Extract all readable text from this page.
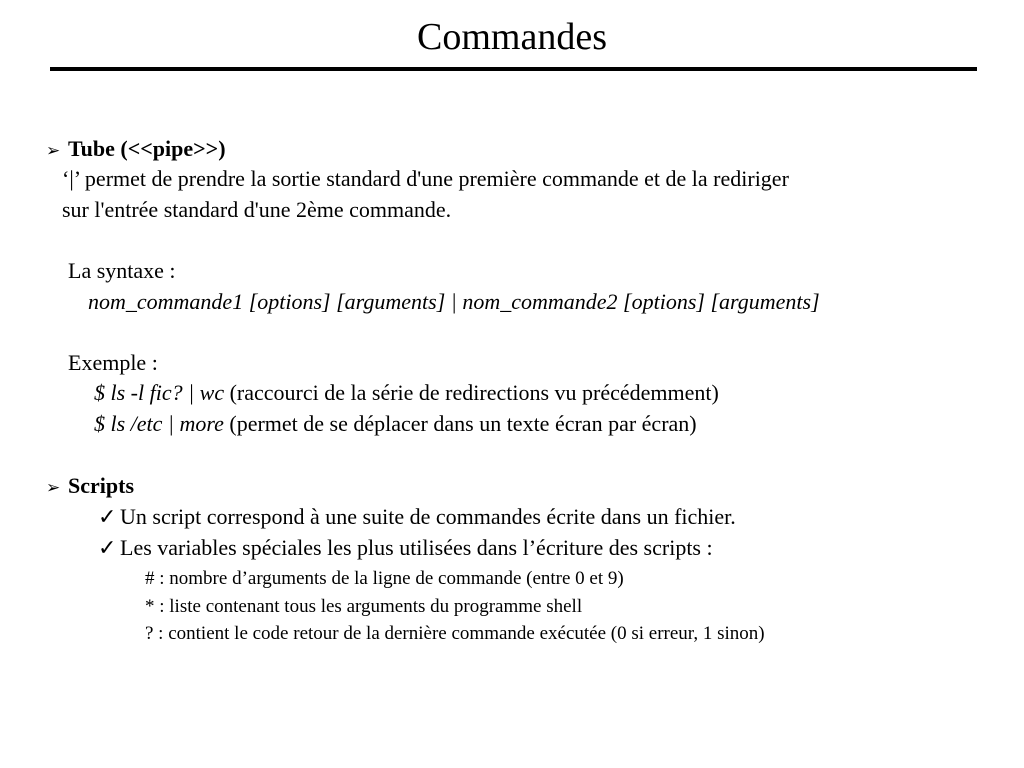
Commandes
➢ Tube (<<pipe>>)
‘|’ permet de prendre la sortie standard d'une première commande et de la rediriger
sur l'entrée standard d'une 2ème commande.
La syntaxe :
nom_commande1 [options] [arguments] | nom_commande2 [options] [arguments]
Exemple :
$ ls -l fic? | wc (raccourci de la série de redirections vu précédemment)
$ ls /etc | more (permet de se déplacer dans un texte écran par écran)
➢ Scripts
✓ Un script correspond à une suite de commandes écrite dans un fichier.
✓ Les variables spéciales les plus utilisées dans l’écriture des scripts :
# : nombre d’arguments de la ligne de commande (entre 0 et 9)
* : liste contenant tous les arguments du programme shell
? : contient le code retour de la dernière commande exécutée (0 si erreur, 1 sinon)
